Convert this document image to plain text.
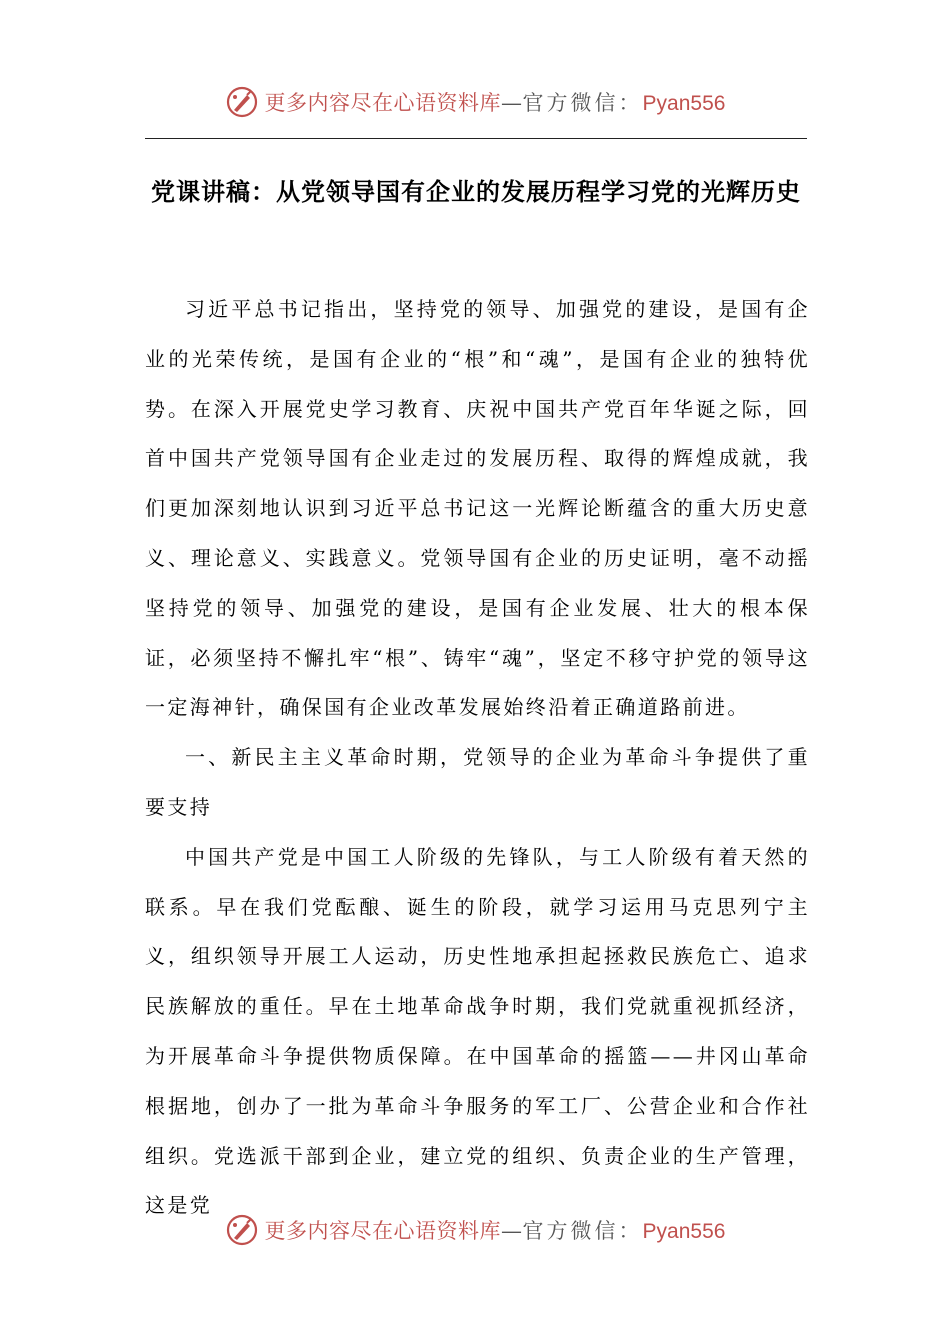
更多内容尽在心语资料库—官方微信：Pyan556
党课讲稿：从党领导国有企业的发展历程学习党的光辉历史

习近平总书记指出，坚持党的领导、加强党的建设，是国有企业的光荣传统，是国有企业的“根”和“魂”，是国有企业的独特优势。在深入开展党史学习教育、庆祝中国共产党百年华诞之际，回首中国共产党领导国有企业走过的发展历程、取得的辉煌成就，我们更加深刻地认识到习近平总书记这一光辉论断蕴含的重大历史意义、理论意义、实践意义。党领导国有企业的历史证明，毫不动摇坚持党的领导、加强党的建设，是国有企业发展、壮大的根本保证，必须坚持不懈扎牢“根”、铸牢“魂”，坚定不移守护党的领导这一定海神针，确保国有企业改革发展始终沿着正确道路前进。

一、新民主主义革命时期，党领导的企业为革命斗争提供了重要支持

中国共产党是中国工人阶级的先锋队，与工人阶级有着天然的联系。早在我们党酝酿、诞生的阶段，就学习运用马克思列宁主义，组织领导开展工人运动，历史性地承担起拯救民族危亡、追求民族解放的重任。早在土地革命战争时期，我们党就重视抓经济，为开展革命斗争提供物质保障。在中国革命的摇篮——井冈山革命根据地，创办了一批为革命斗争服务的军工厂、公营企业和合作社组织。党选派干部到企业，建立党的组织、负责企业的生产管理，这是党

更多内容尽在心语资料库—官方微信：Pyan556
